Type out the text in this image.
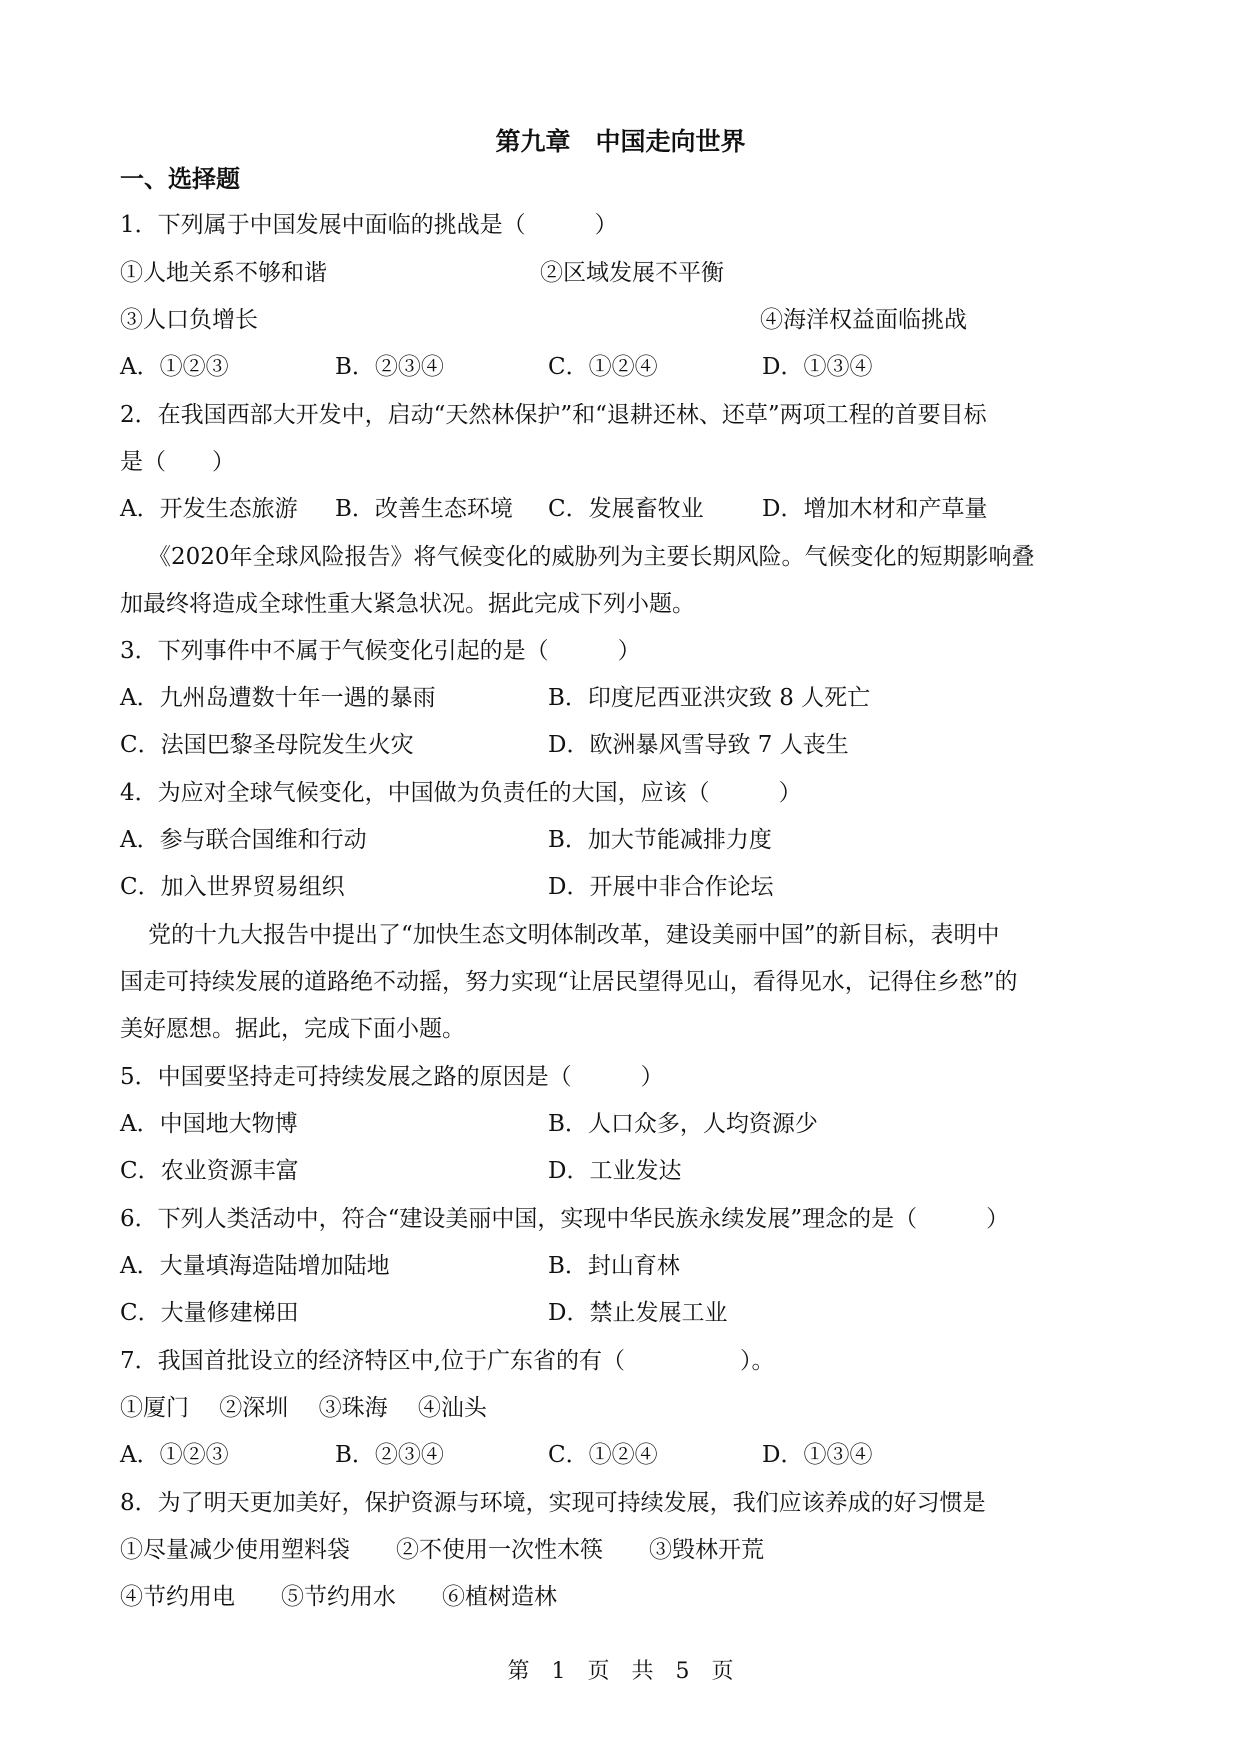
第九章　中国走向世界
一、选择题
1．下列属于中国发展中面临的挑战是（　　　）
①人地关系不够和谐	②区域发展不平衡
③人口负增长	④海洋权益面临挑战
A．①②③	B．②③④	C．①②④	D．①③④
2．在我国西部大开发中，启动“天然林保护”和“退耕还林、还草”两项工程的首要目标
是（　　）
A．开发生态旅游 B．改善生态环境 C．发展畜牧业	D．增加木材和产草量
《2020年全球风险报告》将气候变化的威胁列为主要长期风险。气候变化的短期影响叠
加最终将造成全球性重大紧急状况。据此完成下列小题。
3．下列事件中不属于气候变化引起的是（　　　）
A．九州岛遭数十年一遇的暴雨	B．印度尼西亚洪灾致 8 人死亡
C．法国巴黎圣母院发生火灾	D．欧洲暴风雪导致 7 人丧生
4．为应对全球气候变化，中国做为负责任的大国，应该（　　　）
A．参与联合国维和行动	B．加大节能减排力度
C．加入世界贸易组织	D．开展中非合作论坛
党的十九大报告中提出了“加快生态文明体制改革，建设美丽中国”的新目标，表明中
国走可持续发展的道路绝不动摇，努力实现“让居民望得见山，看得见水，记得住乡愁”的
美好愿想。据此，完成下面小题。
5．中国要坚持走可持续发展之路的原因是（　　　）
A．中国地大物博	B．人口众多，人均资源少
C．农业资源丰富	D．工业发达
6．下列人类活动中，符合“建设美丽中国，实现中华民族永续发展”理念的是（　　　）
A．大量填海造陆增加陆地	B．封山育林
C．大量修建梯田	D．禁止发展工业
7．我国首批设立的经济特区中,位于广东省的有（　　　　　）。
①厦门　 ②深圳　 ③珠海　 ④汕头
A．①②③	B．②③④	C．①②④	D．①③④
8．为了明天更加美好，保护资源与环境，实现可持续发展，我们应该养成的好习惯是
①尽量减少使用塑料袋　　②不使用一次性木筷　　③毁林开荒
④节约用电　　⑤节约用水　　⑥植树造林
第　1　页　共　5　页
